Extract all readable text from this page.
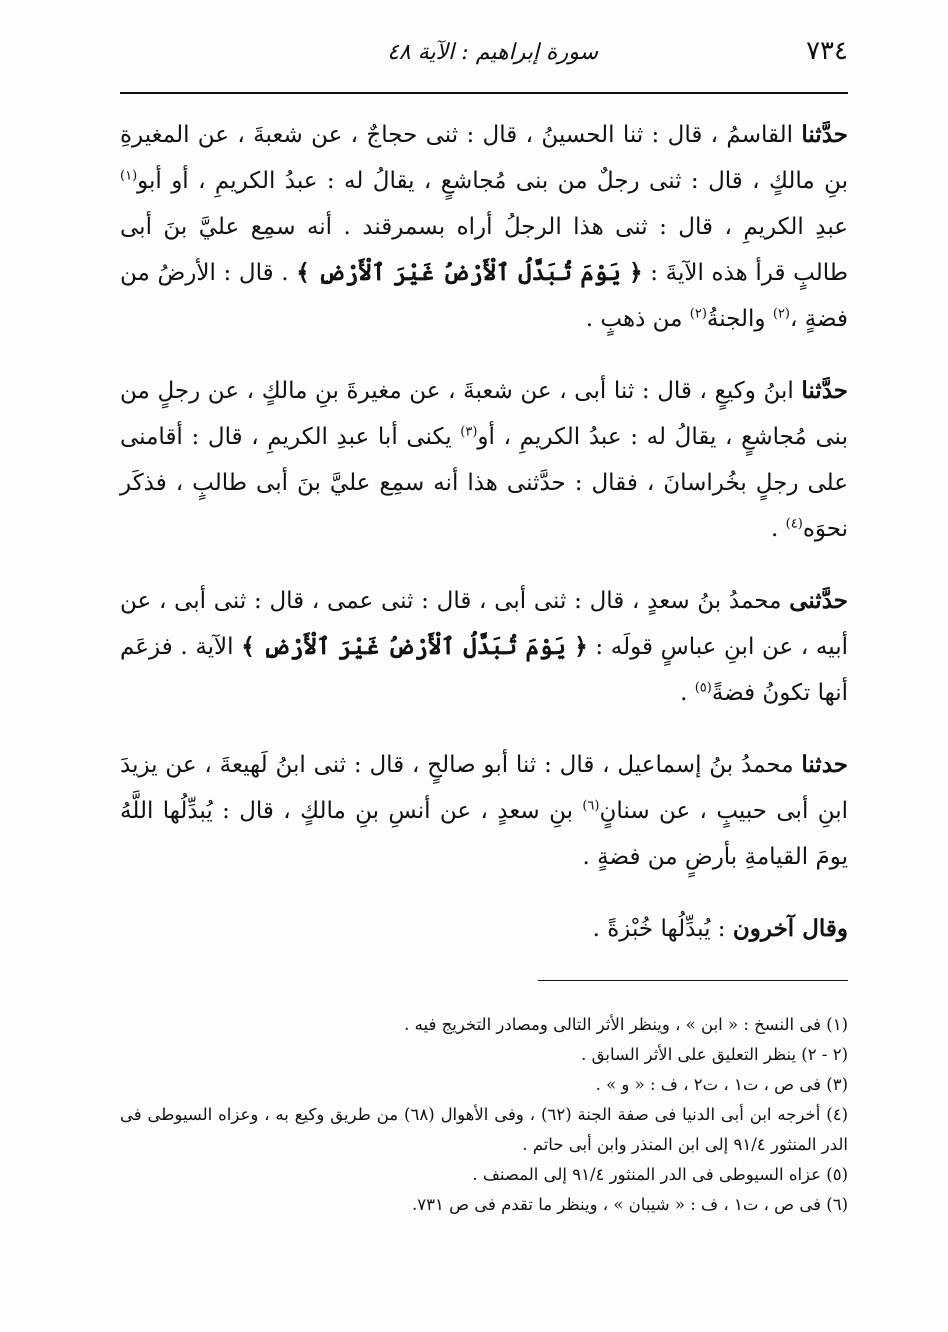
٧٣٤
سورة إبراهيم : الآية ٤٨

حدَّثنا القاسمُ ، قال : ثنا الحسينُ ، قال : ثنى حجاجٌ ، عن شعبةَ ، عن المغيرةِ بنِ مالكٍ ، قال : ثنى رجلٌ من بنى مُجاشعٍ ، يقالُ له : عبدُ الكريمِ ، أو أبو$^{(١)}$ عبدِ الكريمِ ، قال : ثنى هذا الرجلُ أراه بسمرقند . أنه سمِع عليَّ بنَ أبى طالبٍ قرأ هذه الآيةَ : ﴿ يَوْمَ تُبَدَّلُ ٱلْأَرْضُ غَيْرَ ٱلْأَرْضِ ﴾ . قال : الأرضُ من فضةٍ ،$^{(٢)}$ والجنةُ$^{(٢)}$ من ذهبٍ .

حدَّثنا ابنُ وكيعٍ ، قال : ثنا أبى ، عن شعبةَ ، عن مغيرةَ بنِ مالكٍ ، عن رجلٍ من بنى مُجاشعٍ ، يقالُ له : عبدُ الكريمِ ، أو$^{(٣)}$ يكنى أبا عبدِ الكريمِ ، قال : أقامنى على رجلٍ بخُراسانَ ، فقال : حدَّثنى هذا أنه سمِع عليَّ بنَ أبى طالبٍ ، فذكَر نحوَه$^{(٤)}$ .

حدَّثنى محمدُ بنُ سعدٍ ، قال : ثنى أبى ، قال : ثنى عمى ، قال : ثنى أبى ، عن أبيه ، عن ابنِ عباسٍ قولَه : ﴿ يَوْمَ تُبَدَّلُ ٱلْأَرْضُ غَيْرَ ٱلْأَرْضِ ﴾ الآية . فزعَم أنها تكونُ فضةً$^{(٥)}$ .

حدثنا محمدُ بنُ إسماعيل ، قال : ثنا أبو صالحٍ ، قال : ثنى ابنُ لَهيعةَ ، عن يزيدَ ابنِ أبى حبيبٍ ، عن سنانٍ$^{(٦)}$ بنِ سعدٍ ، عن أنسِ بنِ مالكٍ ، قال : يُبدِّلُها اللَّهُ يومَ القيامةِ بأرضٍ من فضةٍ .

وقال آخرون : يُبدِّلُها خُبْزةً .

(١) فى النسخ : « ابن » ، وينظر الأثر التالى ومصادر التخريج فيه .

(٢ - ٢) ينظر التعليق على الأثر السابق .

(٣) فى ص ، ت١ ، ت٢ ، ف : « و » .

(٤) أخرجه ابن أبى الدنيا فى صفة الجنة (٦٢) ، وفى الأهوال (٦٨) من طريق وكيع به ، وعزاه السيوطى فى الدر المنثور ٩١/٤ إلى ابن المنذر وابن أبى حاتم .

(٥) عزاه السيوطى فى الدر المنثور ٩١/٤ إلى المصنف .

(٦) فى ص ، ت١ ، ف : « شيبان » ، وينظر ما تقدم فى ص ٧٣١.
